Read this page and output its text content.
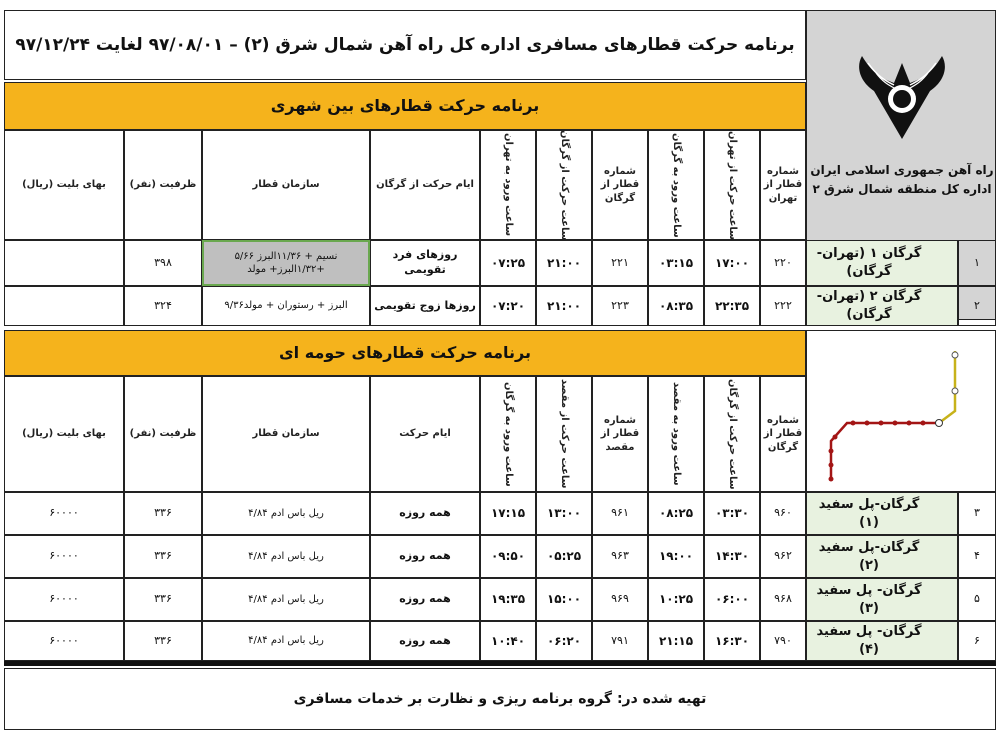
برنامه حرکت قطارهای مسافری اداره کل راه آهن شمال شرق (۲) – ۹۷/۰۸/۰۱ لغایت ۹۷/۱۲/۲۴
راه آهن جمهوری اسلامی ایران
اداره کل منطقه شمال شرق ۲
برنامه حرکت قطارهای بین شهری
شماره قطار از تهران
ساعت حرکت از تهران
ساعت ورود به گرگان
شماره قطار از گرگان
ساعت حرکت از گرگان
ساعت ورود به تهران
ایام حرکت از گرگان
سازمان قطار
ظرفیت (نفر)
بهای بلیت (ریال)
۱
گرگان ۱ (تهران- گرگان)
۲۲۰
۱۷:۰۰
۰۳:۱۵
۲۲۱
۲۱:۰۰
۰۷:۲۵
روزهای فرد تقویمی
۵/۶۶ نسیم + ۱۱/۳۶البرز +۱/۳۲البرز+ مولد
۳۹۸
۲
گرگان ۲ (تهران- گرگان)
۲۲۲
۲۲:۳۵
۰۸:۳۵
۲۲۳
۲۱:۰۰
۰۷:۲۰
روزها زوج تقویمی
۹/۳۶البرز + رستوران + مولد
۳۲۴
برنامه حرکت قطارهای حومه ای
شماره قطار از گرگان
ساعت حرکت از گرگان
ساعت ورود به مقصد
شماره قطار از مقصد
ساعت حرکت از مقصد
ساعت ورود به گرگان
ایام حرکت
سازمان قطار
ظرفیت (نفر)
بهای بلیت (ریال)
۳
گرگان-پل سفید (۱)
۹۶۰
۰۳:۳۰
۰۸:۲۵
۹۶۱
۱۳:۰۰
۱۷:۱۵
همه روزه
۴/۸۴ ریل باس ادم
۳۳۶
۶۰۰۰۰
۴
گرگان-پل سفید (۲)
۹۶۲
۱۴:۳۰
۱۹:۰۰
۹۶۳
۰۵:۲۵
۰۹:۵۰
همه روزه
۴/۸۴ ریل باس ادم
۳۳۶
۶۰۰۰۰
۵
گرگان- پل سفید (۳)
۹۶۸
۰۶:۰۰
۱۰:۲۵
۹۶۹
۱۵:۰۰
۱۹:۳۵
همه روزه
۴/۸۴ ریل باس ادم
۳۳۶
۶۰۰۰۰
۶
گرگان- پل سفید (۴)
۷۹۰
۱۶:۳۰
۲۱:۱۵
۷۹۱
۰۶:۲۰
۱۰:۴۰
همه روزه
۴/۸۴ ریل باس ادم
۳۳۶
۶۰۰۰۰
تهیه شده در: گروه برنامه ریزی و نظارت بر خدمات مسافری
